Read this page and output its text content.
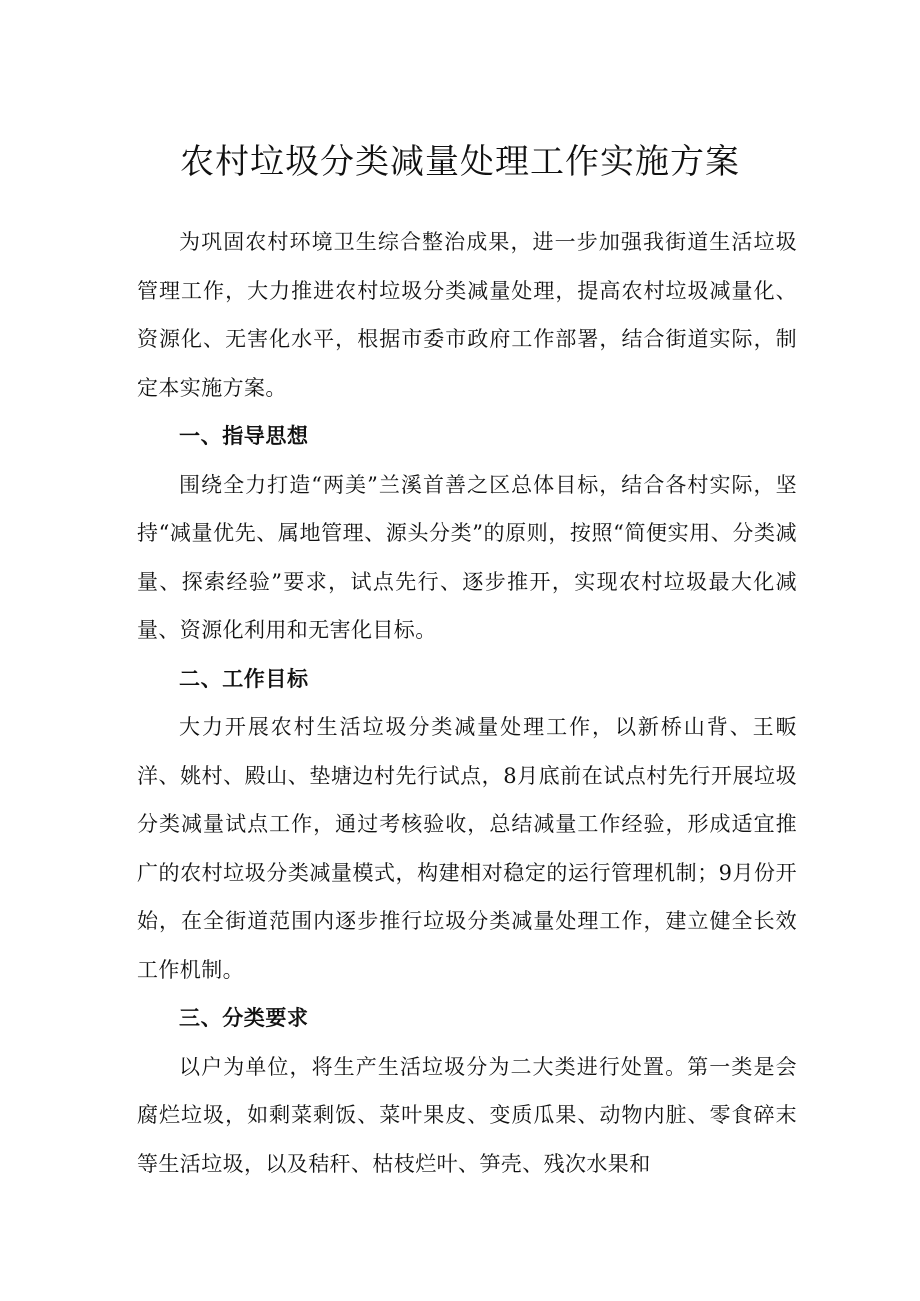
农村垃圾分类减量处理工作实施方案

为巩固农村环境卫生综合整治成果，进一步加强我街道生活垃圾管理工作，大力推进农村垃圾分类减量处理，提高农村垃圾减量化、资源化、无害化水平，根据市委市政府工作部署，结合街道实际，制定本实施方案。

一、指导思想

围绕全力打造“两美”兰溪首善之区总体目标，结合各村实际，坚持“减量优先、属地管理、源头分类”的原则，按照“简便实用、分类减量、探索经验”要求，试点先行、逐步推开，实现农村垃圾最大化减量、资源化利用和无害化目标。

二、工作目标

大力开展农村生活垃圾分类减量处理工作，以新桥山背、王畈洋、姚村、殿山、垫塘边村先行试点，8月底前在试点村先行开展垃圾分类减量试点工作，通过考核验收，总结减量工作经验，形成适宜推广的农村垃圾分类减量模式，构建相对稳定的运行管理机制；9月份开始，在全街道范围内逐步推行垃圾分类减量处理工作，建立健全长效工作机制。

三、分类要求

以户为单位，将生产生活垃圾分为二大类进行处置。第一类是会腐烂垃圾，如剩菜剩饭、菜叶果皮、变质瓜果、动物内脏、零食碎末等生活垃圾，以及秸秆、枯枝烂叶、笋壳、残次水果和
